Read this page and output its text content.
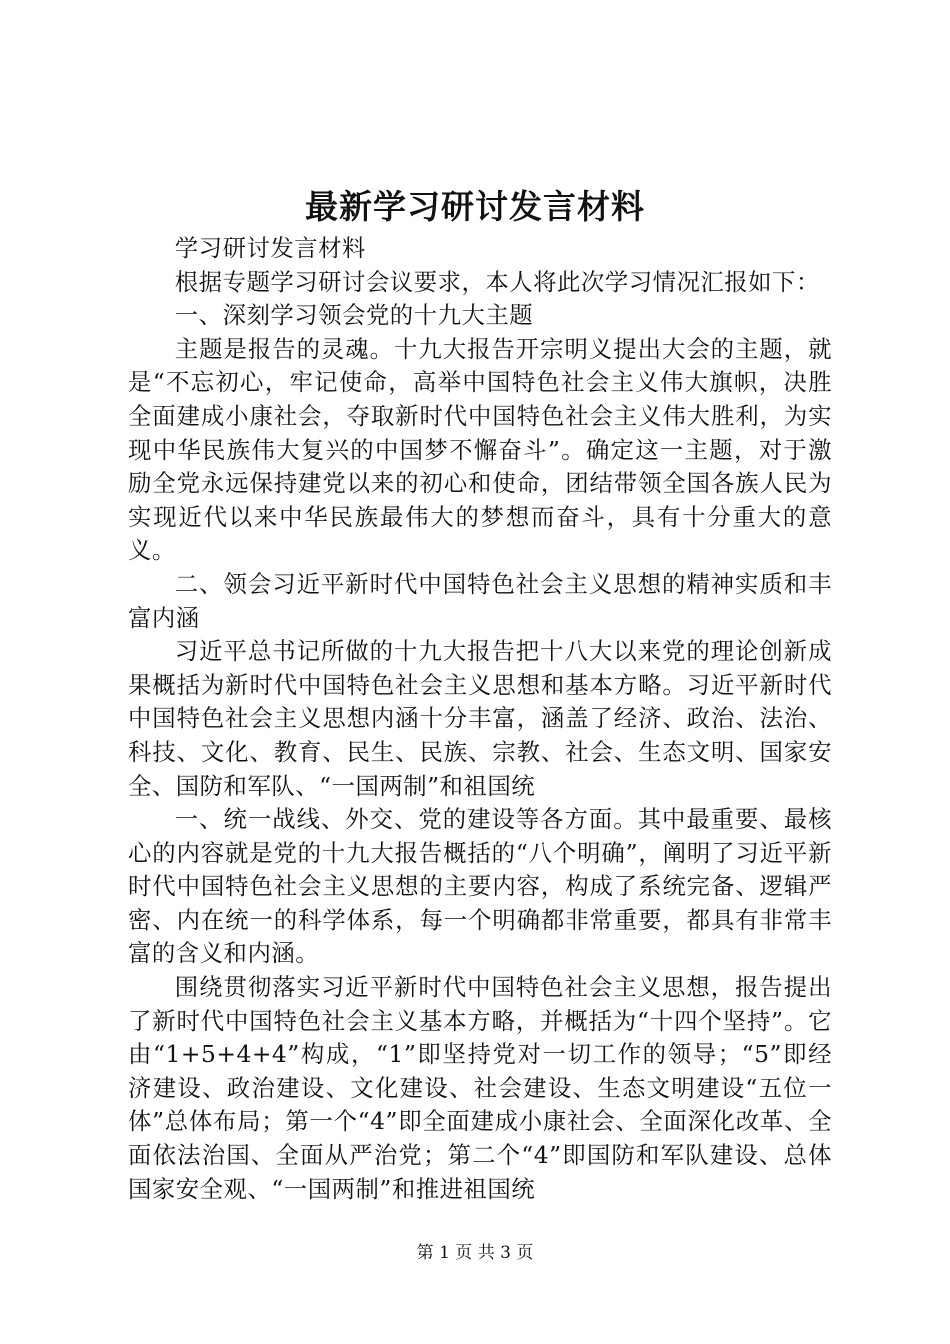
最新学习研讨发言材料

学习研讨发言材料

根据专题学习研讨会议要求，本人将此次学习情况汇报如下：

一、深刻学习领会党的十九大主题

主题是报告的灵魂。十九大报告开宗明义提出大会的主题，就是“不忘初心，牢记使命，高举中国特色社会主义伟大旗帜，决胜全面建成小康社会，夺取新时代中国特色社会主义伟大胜利，为实现中华民族伟大复兴的中国梦不懈奋斗”。确定这一主题，对于激励全党永远保持建党以来的初心和使命，团结带领全国各族人民为实现近代以来中华民族最伟大的梦想而奋斗，具有十分重大的意义。

二、领会习近平新时代中国特色社会主义思想的精神实质和丰富内涵

习近平总书记所做的十九大报告把十八大以来党的理论创新成果概括为新时代中国特色社会主义思想和基本方略。习近平新时代中国特色社会主义思想内涵十分丰富，涵盖了经济、政治、法治、科技、文化、教育、民生、民族、宗教、社会、生态文明、国家安全、国防和军队、“一国两制”和祖国统

一、统一战线、外交、党的建设等各方面。其中最重要、最核心的内容就是党的十九大报告概括的“八个明确”，阐明了习近平新时代中国特色社会主义思想的主要内容，构成了系统完备、逻辑严密、内在统一的科学体系，每一个明确都非常重要，都具有非常丰富的含义和内涵。

围绕贯彻落实习近平新时代中国特色社会主义思想，报告提出了新时代中国特色社会主义基本方略，并概括为“十四个坚持”。它由“1+5+4+4”构成，“1”即坚持党对一切工作的领导；“5”即经济建设、政治建设、文化建设、社会建设、生态文明建设“五位一体”总体布局；第一个“4”即全面建成小康社会、全面深化改革、全面依法治国、全面从严治党；第二个“4”即国防和军队建设、总体国家安全观、“一国两制”和推进祖国统

第 1 页 共 3 页
